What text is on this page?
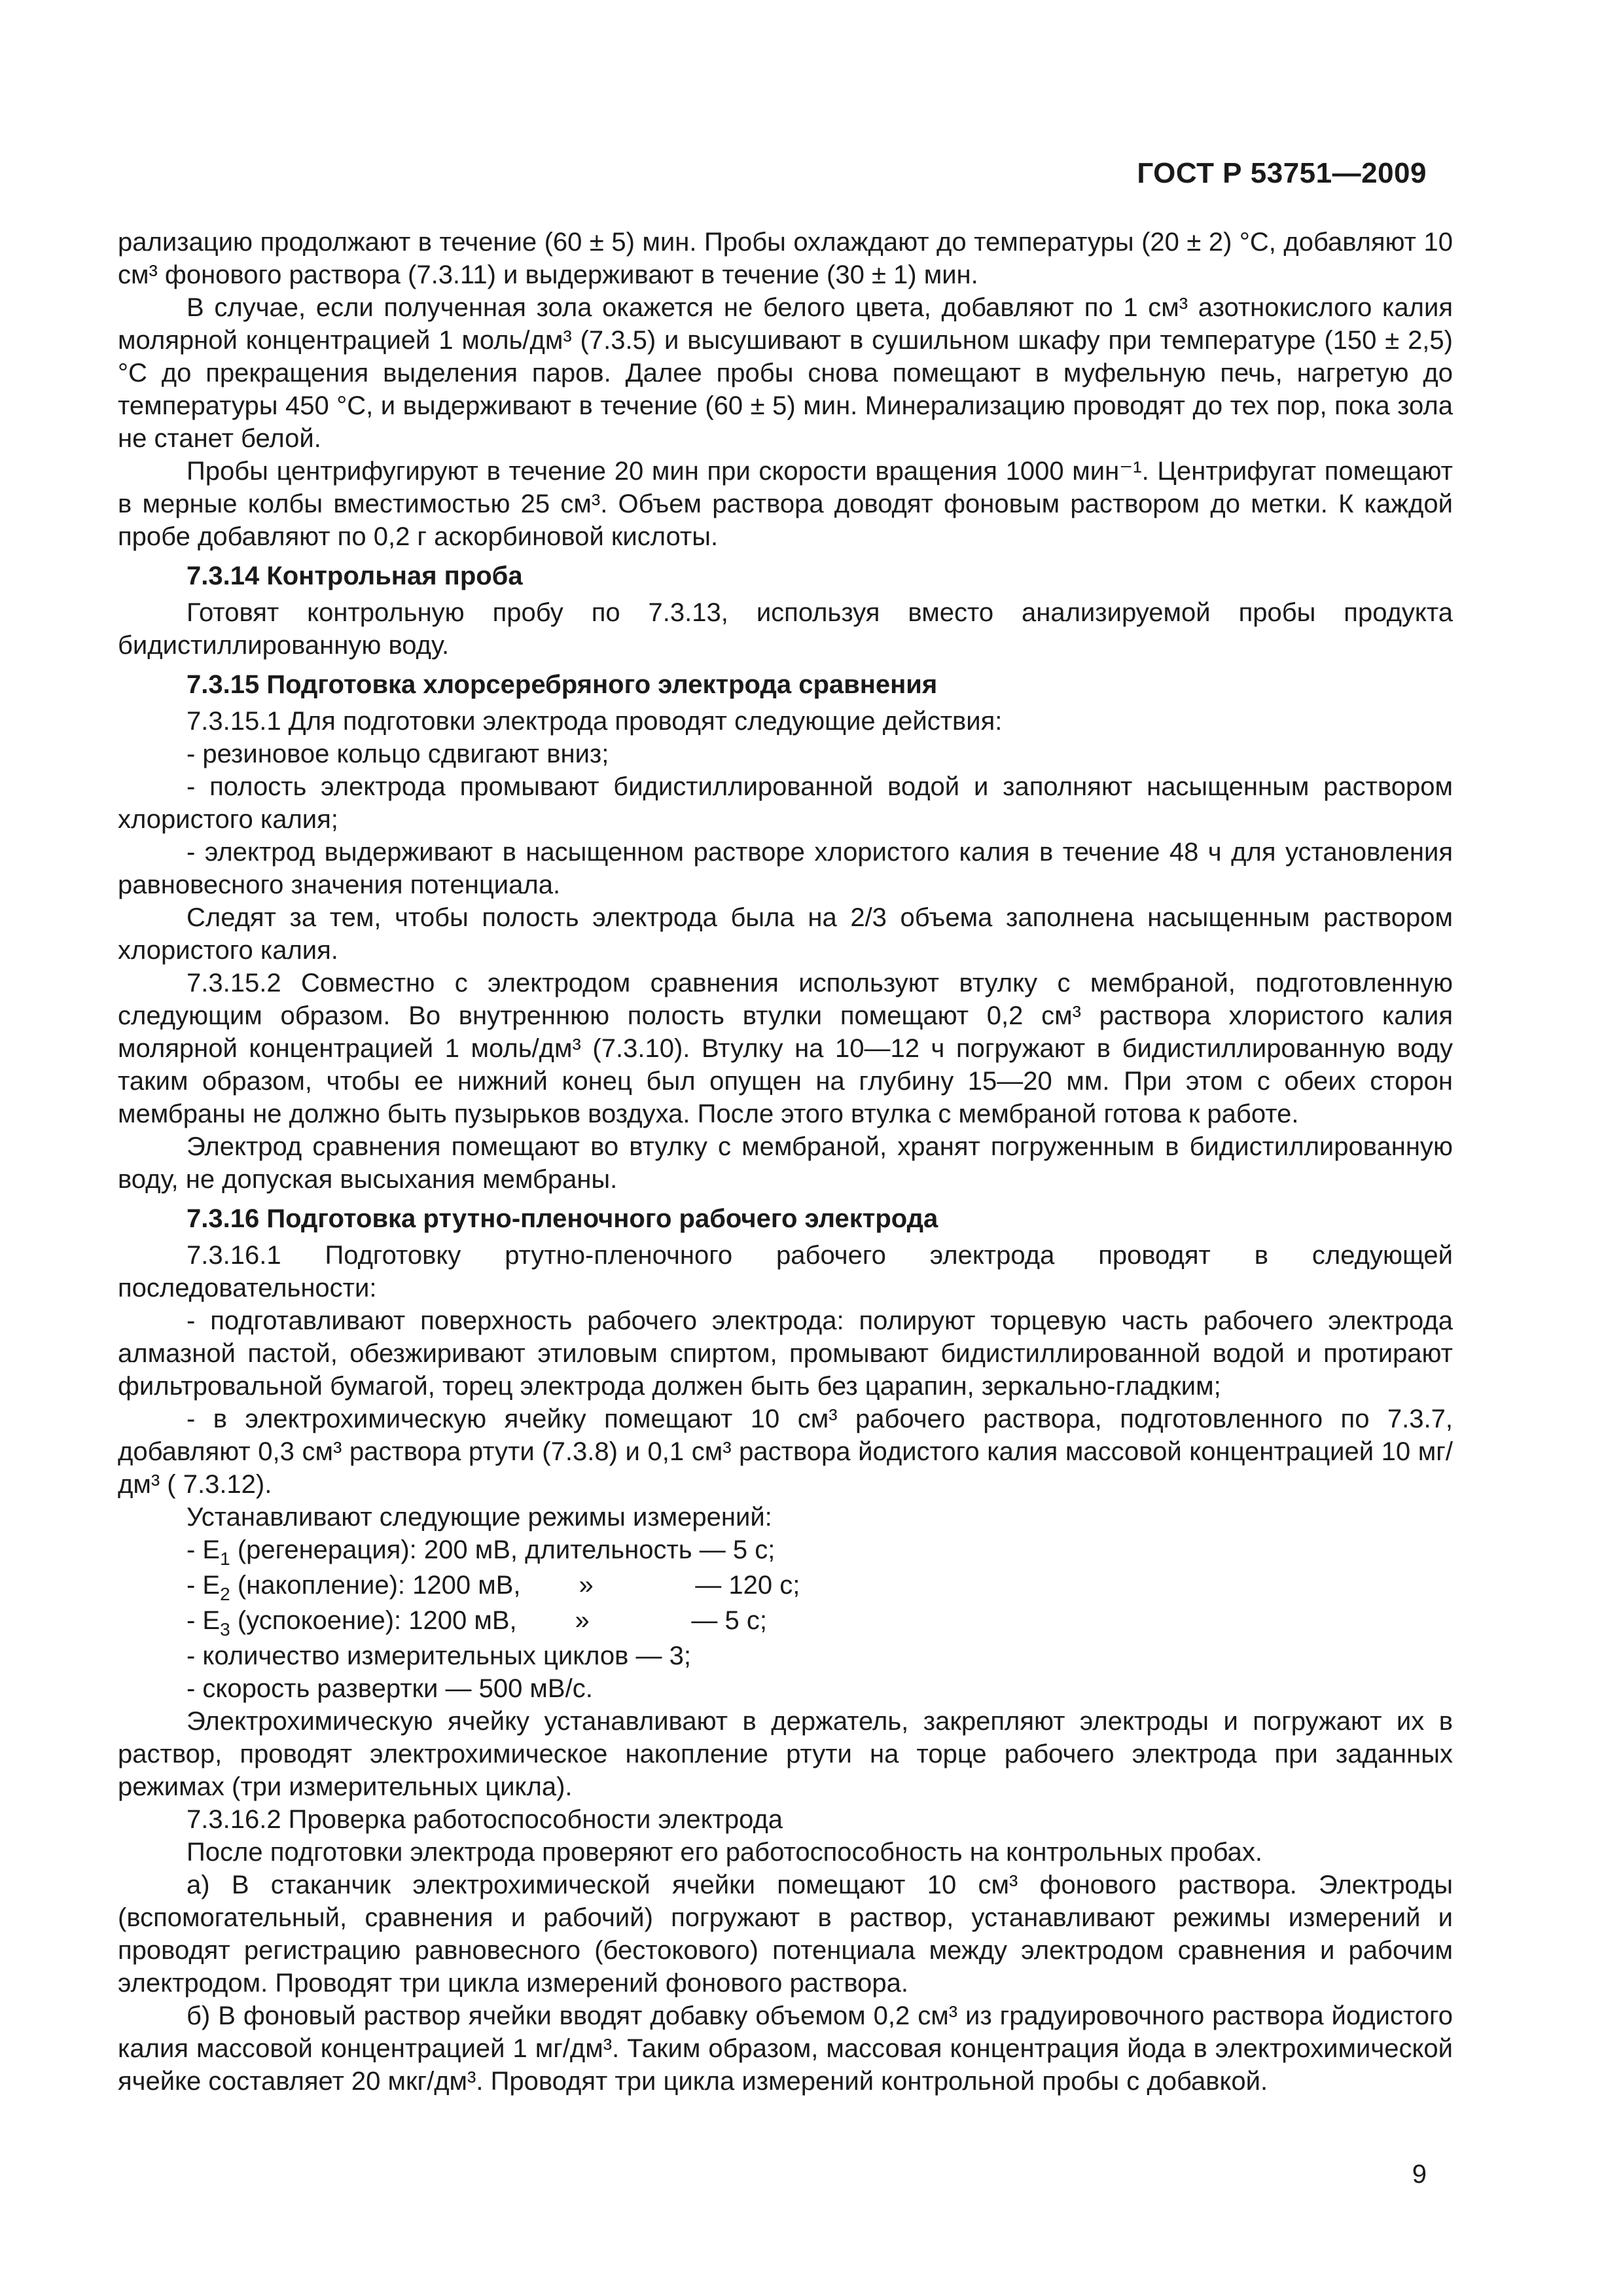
ГОСТ Р 53751—2009

рализацию продолжают в течение (60 ± 5) мин. Пробы охлаждают до температуры (20 ± 2) °С, добавляют 10 см³ фонового раствора (7.3.11) и выдерживают в течение (30 ± 1) мин.

В случае, если полученная зола окажется не белого цвета, добавляют по 1 см³ азотнокислого калия молярной концентрацией 1 моль/дм³ (7.3.5) и высушивают в сушильном шкафу при температуре (150 ± 2,5) °С до прекращения выделения паров. Далее пробы снова помещают в муфельную печь, нагретую до температуры 450 °С, и выдерживают в течение (60 ± 5) мин. Минерализацию проводят до тех пор, пока зола не станет белой.

Пробы центрифугируют в течение 20 мин при скорости вращения 1000 мин⁻¹. Центрифугат помещают в мерные колбы вместимостью 25 см³. Объем раствора доводят фоновым раствором до метки. К каждой пробе добавляют по 0,2 г аскорбиновой кислоты.

7.3.14 Контрольная проба

Готовят контрольную пробу по 7.3.13, используя вместо анализируемой пробы продукта бидистиллированную воду.

7.3.15 Подготовка хлорсеребряного электрода сравнения

7.3.15.1 Для подготовки электрода проводят следующие действия:

- резиновое кольцо сдвигают вниз;

- полость электрода промывают бидистиллированной водой и заполняют насыщенным раствором хлористого калия;

- электрод выдерживают в насыщенном растворе хлористого калия в течение 48 ч для установления равновесного значения потенциала.

Следят за тем, чтобы полость электрода была на 2/3 объема заполнена насыщенным раствором хлористого калия.

7.3.15.2 Совместно с электродом сравнения используют втулку с мембраной, подготовленную следующим образом. Во внутреннюю полость втулки помещают 0,2 см³ раствора хлористого калия молярной концентрацией 1 моль/дм³ (7.3.10). Втулку на 10—12 ч погружают в бидистиллированную воду таким образом, чтобы ее нижний конец был опущен на глубину 15—20 мм. При этом с обеих сторон мембраны не должно быть пузырьков воздуха. После этого втулка с мембраной готова к работе.

Электрод сравнения помещают во втулку с мембраной, хранят погруженным в бидистиллированную воду, не допуская высыхания мембраны.

7.3.16 Подготовка ртутно-пленочного рабочего электрода

7.3.16.1 Подготовку ртутно-пленочного рабочего электрода проводят в следующей последовательности:

- подготавливают поверхность рабочего электрода: полируют торцевую часть рабочего электрода алмазной пастой, обезжиривают этиловым спиртом, промывают бидистиллированной водой и протирают фильтровальной бумагой, торец электрода должен быть без царапин, зеркально-гладким;

- в электрохимическую ячейку помещают 10 см³ рабочего раствора, подготовленного по 7.3.7, добавляют 0,3 см³ раствора ртути (7.3.8) и 0,1 см³ раствора йодистого калия массовой концентрацией 10 мг/дм³ ( 7.3.12).

Устанавливают следующие режимы измерений:

- $E_1$ (регенерация): 200 мВ, длительность — 5 с;
- $E_2$ (накопление): 1200 мВ,        »              — 120 с;
- $E_3$ (успокоение): 1200 мВ,        »              — 5 с;

- количество измерительных циклов — 3;

- скорость развертки — 500 мВ/с.

Электрохимическую ячейку устанавливают в держатель, закрепляют электроды и погружают их в раствор, проводят электрохимическое накопление ртути на торце рабочего электрода при заданных режимах (три измерительных цикла).

7.3.16.2 Проверка работоспособности электрода

После подготовки электрода проверяют его работоспособность на контрольных пробах.

а) В стаканчик электрохимической ячейки помещают 10 см³ фонового раствора. Электроды (вспомогательный, сравнения и рабочий) погружают в раствор, устанавливают режимы измерений и проводят регистрацию равновесного (бестокового) потенциала между электродом сравнения и рабочим электродом. Проводят три цикла измерений фонового раствора.

б) В фоновый раствор ячейки вводят добавку объемом 0,2 см³ из градуировочного раствора йодистого калия массовой концентрацией 1 мг/дм³. Таким образом, массовая концентрация йода в электрохимической ячейке составляет 20 мкг/дм³. Проводят три цикла измерений контрольной пробы с добавкой.

9
